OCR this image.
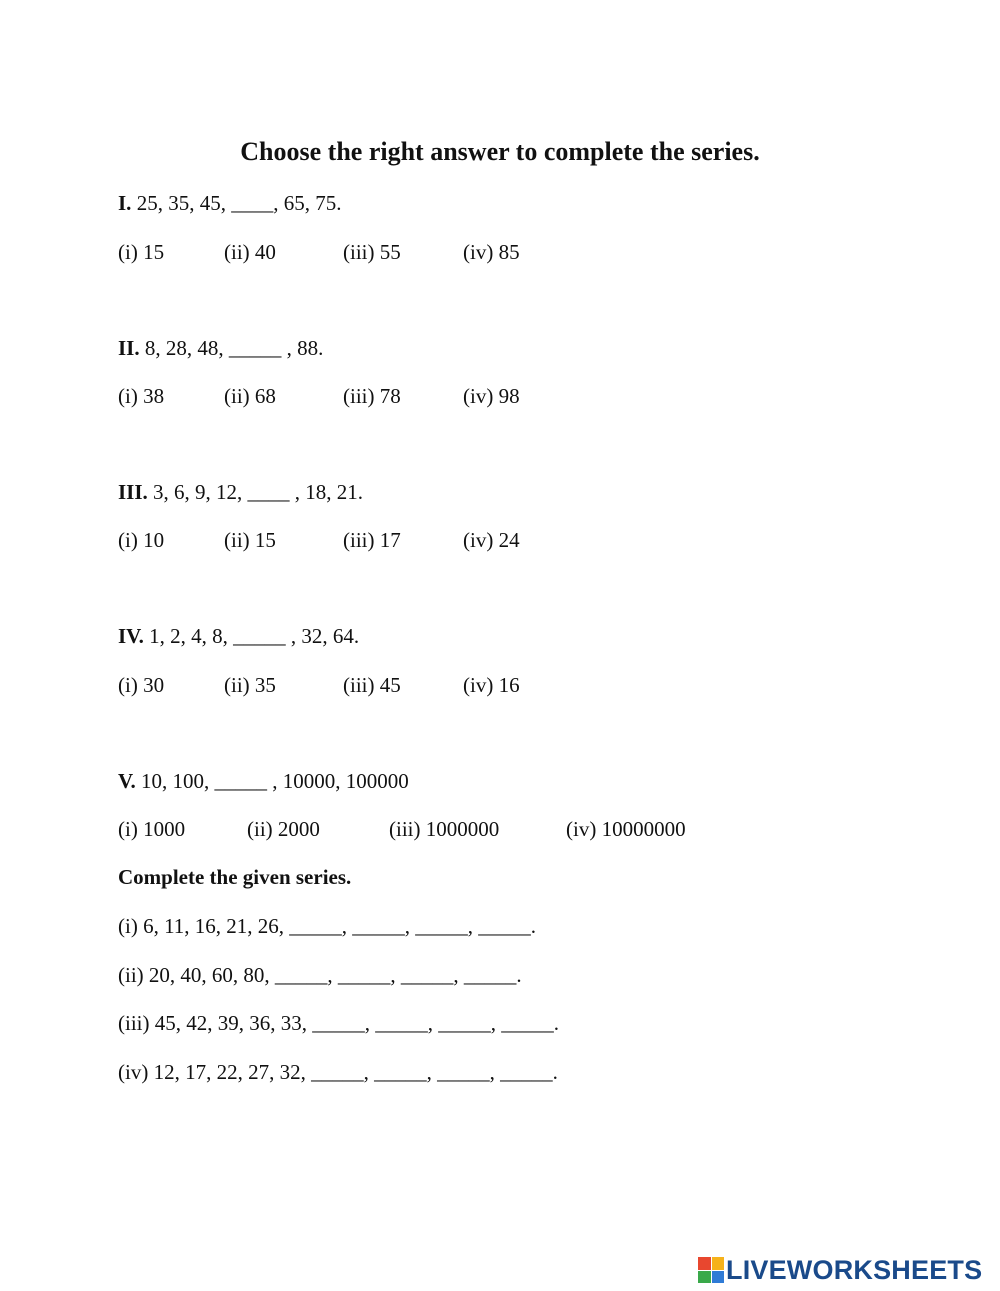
Choose the right answer to complete the series.
I. 25, 35, 45, ____, 65, 75.
(i) 15	(ii) 40	(iii) 55	(iv) 85
II. 8, 28, 48, _____ , 88.
(i) 38	(ii) 68	(iii) 78	(iv) 98
III. 3, 6, 9, 12, ____ , 18, 21.
(i) 10	(ii) 15	(iii) 17	(iv) 24
IV. 1, 2, 4, 8, _____ , 32, 64.
(i) 30	(ii) 35	(iii) 45	(iv) 16
V. 10, 100, _____ , 10000, 100000
(i) 1000	(ii) 2000	(iii) 1000000	(iv) 10000000
Complete the given series.
(i) 6, 11, 16, 21, 26, _____, _____, _____, _____.
(ii) 20, 40, 60, 80, _____, _____, _____, _____.
(iii) 45, 42, 39, 36, 33, _____, _____, _____, _____.
(iv) 12, 17, 22, 27, 32, _____, _____, _____, _____.
LIVEWORKSHEETS
